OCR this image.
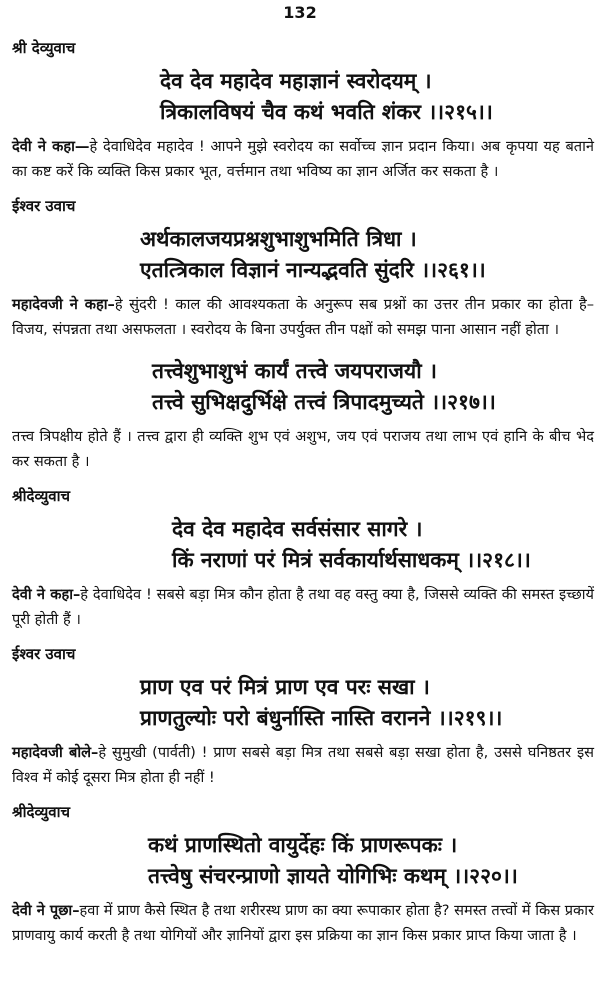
132
श्री देव्युवाच
देव देव महादेव महाज्ञानं स्वरोदयम् ।
त्रिकालविषयं चैव कथं भवति शंकर ।।२१५।।

देवी ने कहा—हे देवाधिदेव महादेव ! आपने मुझे स्वरोदय का सर्वोच्च ज्ञान प्रदान किया। अब कृपया यह बताने का कष्ट करें कि व्यक्ति किस प्रकार भूत, वर्त्तमान तथा भविष्य का ज्ञान अर्जित कर सकता है ।

ईश्वर उवाच
अर्थकालजयप्रश्नशुभाशुभमिति त्रिधा ।
एतत्त्रिकाल विज्ञानं नान्यद्भवति सुंदरि ।।२६१।।

महादेवजी ने कहा–हे सुंदरी ! काल की आवश्यकता के अनुरूप सब प्रश्नों का उत्तर तीन प्रकार का होता है–विजय, संपन्नता तथा असफलता । स्वरोदय के बिना उपर्युक्त तीन पक्षों को समझ पाना आसान नहीं होता ।

तत्त्वेशुभाशुभं कार्यं तत्त्वे जयपराजयौ ।
तत्त्वे सुभिक्षदुर्भिक्षे तत्त्वं त्रिपादमुच्यते ।।२१७।।

तत्त्व त्रिपक्षीय होते हैं । तत्त्व द्वारा ही व्यक्ति शुभ एवं अशुभ, जय एवं पराजय तथा लाभ एवं हानि के बीच भेद कर सकता है ।

श्रीदेव्युवाच
देव देव महादेव सर्वसंसार सागरे ।
किं नराणां परं मित्रं सर्वकार्यार्थसाधकम् ।।२१८।।

देवी ने कहा–हे देवाधिदेव ! सबसे बड़ा मित्र कौन होता है तथा वह वस्तु क्या है, जिससे व्यक्ति की समस्त इच्छायें पूरी होती हैं ।

ईश्वर उवाच
प्राण एव परं मित्रं प्राण एव परः सखा ।
प्राणतुल्योः परो बंधुर्नास्ति नास्ति वरानने ।।२१९।।

महादेवजी बोले–हे सुमुखी (पार्वती) ! प्राण सबसे बड़ा मित्र तथा सबसे बड़ा सखा होता है, उससे घनिष्ठतर इस विश्व में कोई दूसरा मित्र होता ही नहीं !

श्रीदेव्युवाच
कथं प्राणस्थितो वायुर्देहः किं प्राणरूपकः ।
तत्त्वेषु संचरन्प्राणो ज्ञायते योगिभिः कथम् ।।२२०।।

देवी ने पूछा–हवा में प्राण कैसे स्थित है तथा शरीरस्थ प्राण का क्या रूपाकार होता है? समस्त तत्त्वों में किस प्रकार प्राणवायु कार्य करती है तथा योगियों और ज्ञानियों द्वारा इस प्रक्रिया का ज्ञान किस प्रकार प्राप्त किया जाता है ।
